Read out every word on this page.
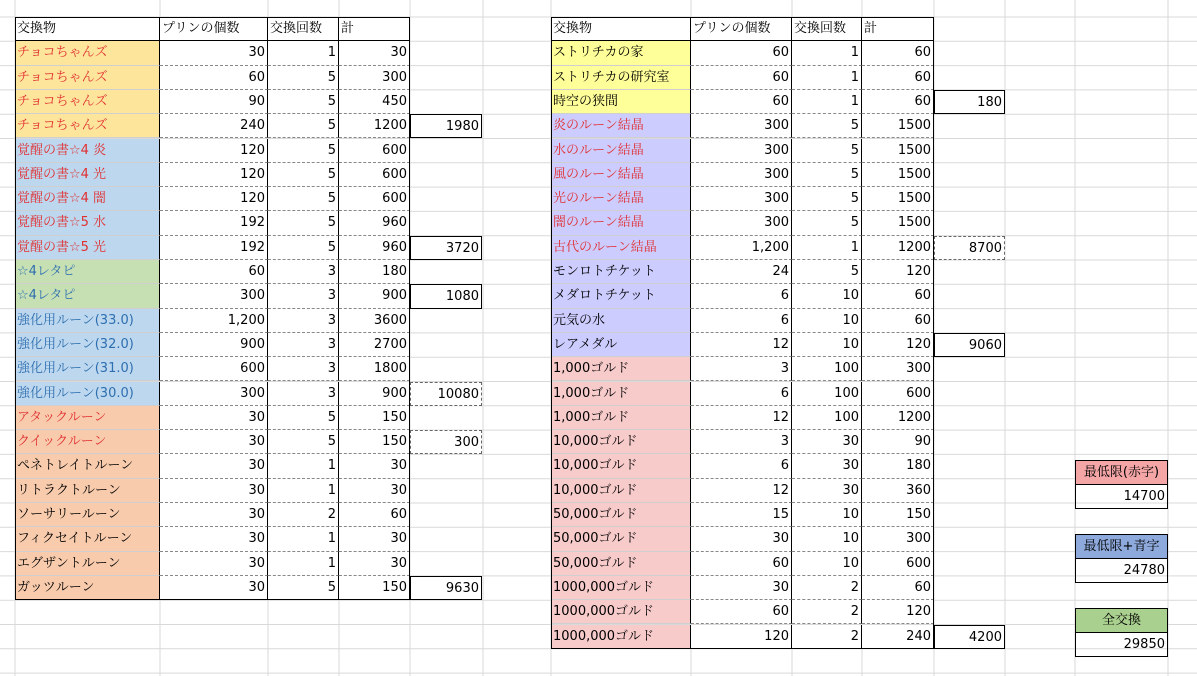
交換物	プリンの個数	交換回数	計
チョコちゃんズ	30	1	30
チョコちゃんズ	60	5	300
チョコちゃんズ	90	5	450
チョコちゃんズ	240	5	1200	1980
覚醒の書☆4 炎	120	5	600
覚醒の書☆4 光	120	5	600
覚醒の書☆4 闇	120	5	600
覚醒の書☆5 水	192	5	960
覚醒の書☆5 光	192	5	960	3720
☆4レタピ	60	3	180
☆4レタピ	300	3	900	1080
強化用ルーン(33.0)	1,200	3	3600
強化用ルーン(32.0)	900	3	2700
強化用ルーン(31.0)	600	3	1800
強化用ルーン(30.0)	300	3	900	10080
アタックルーン	30	5	150
クイックルーン	30	5	150	300
ペネトレイトルーン	30	1	30
リトラクトルーン	30	1	30
ソーサリールーン	30	2	60
フィクセイトルーン	30	1	30
エグザントルーン	30	1	30
ガッツルーン	30	5	150	9630
交換物	プリンの個数	交換回数	計
ストリチカの家	60	1	60
ストリチカの研究室	60	1	60
時空の狭間	60	1	60	180
炎のルーン結晶	300	5	1500
水のルーン結晶	300	5	1500
風のルーン結晶	300	5	1500
光のルーン結晶	300	5	1500
闇のルーン結晶	300	5	1500
古代のルーン結晶	1,200	1	1200	8700
モンロトチケット	24	5	120
メダロトチケット	6	10	60
元気の水	6	10	60
レアメダル	12	10	120	9060
1,000ゴルド	3	100	300
1,000ゴルド	6	100	600
1,000ゴルド	12	100	1200
10,000ゴルド	3	30	90
10,000ゴルド	6	30	180
10,000ゴルド	12	30	360
50,000ゴルド	15	10	150
50,000ゴルド	30	10	300
50,000ゴルド	60	10	600
1000,000ゴルド	30	2	60
1000,000ゴルド	60	2	120
1000,000ゴルド	120	2	240	4200
最低限(赤字)
14700
最低限+青字
24780
全交換
29850
